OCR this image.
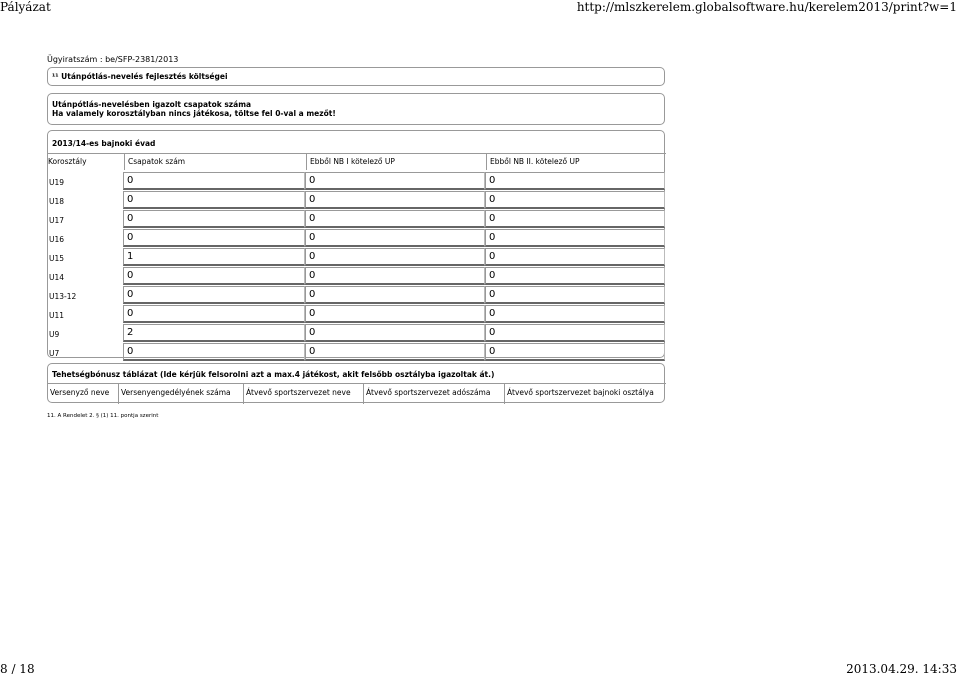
Pályázat	http://mlszkerelem.globalsoftware.hu/kerelem2013/print?w=1
Ügyiratszám : be/SFP-2381/2013
¹¹ Utánpótlás-nevelés fejlesztés költségei
Utánpótlás-nevelésben igazolt csapatok száma
Ha valamely korosztályban nincs játékosa, töltse fel 0-val a mezőt!
2013/14-es bajnoki évad
Korosztály	Csapatok szám	Ebből NB I kötelező UP	Ebből NB II. kötelező UP
U19	0	0	0
U18	0	0	0
U17	0	0	0
U16	0	0	0
U15	1	0	0
U14	0	0	0
U13-12	0	0	0
U11	0	0	0
U9	2	0	0
U7	0	0	0
Tehetségbónusz táblázat (Ide kérjük felsorolni azt a max.4 játékost, akit felsőbb osztályba igazoltak át.)
Versenyző neve	Versenyengedélyének száma	Átvevő sportszervezet neve	Átvevő sportszervezet adószáma	Átvevő sportszervezet bajnoki osztálya
11. A Rendelet 2. § (1) 11. pontja szerint
8 / 18	2013.04.29. 14:33
